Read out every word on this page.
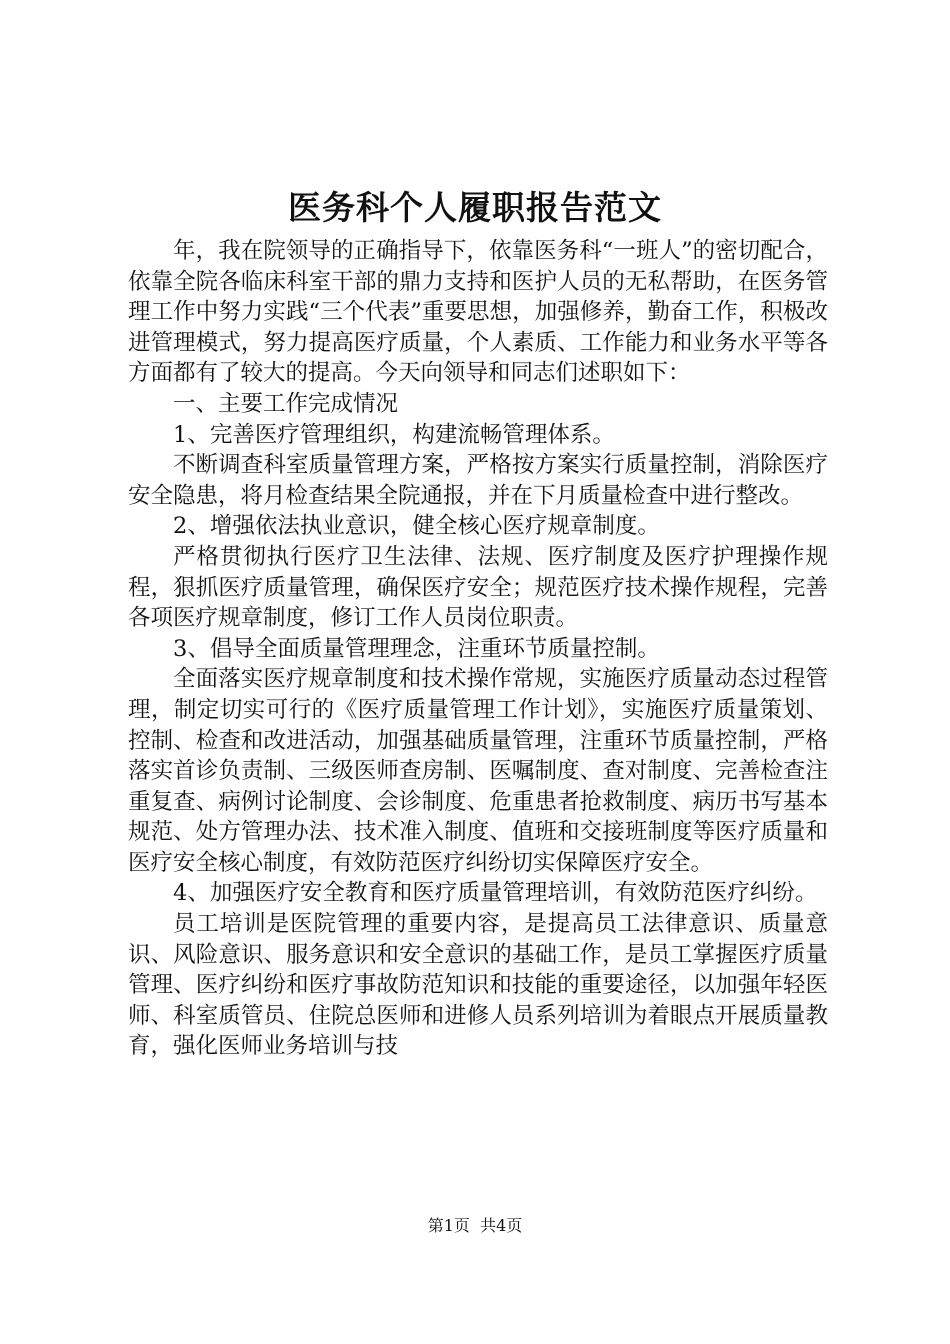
医务科个人履职报告范文

年，我在院领导的正确指导下，依靠医务科“一班人”的密切配合，依靠全院各临床科室干部的鼎力支持和医护人员的无私帮助，在医务管理工作中努力实践“三个代表”重要思想，加强修养，勤奋工作，积极改进管理模式，努力提高医疗质量，个人素质、工作能力和业务水平等各方面都有了较大的提高。今天向领导和同志们述职如下：

一、主要工作完成情况

1、完善医疗管理组织，构建流畅管理体系。

不断调查科室质量管理方案，严格按方案实行质量控制，消除医疗安全隐患，将月检查结果全院通报，并在下月质量检查中进行整改。

2、增强依法执业意识，健全核心医疗规章制度。

严格贯彻执行医疗卫生法律、法规、医疗制度及医疗护理操作规程，狠抓医疗质量管理，确保医疗安全；规范医疗技术操作规程，完善各项医疗规章制度，修订工作人员岗位职责。

3、倡导全面质量管理理念，注重环节质量控制。

全面落实医疗规章制度和技术操作常规，实施医疗质量动态过程管理，制定切实可行的《医疗质量管理工作计划》，实施医疗质量策划、控制、检查和改进活动，加强基础质量管理，注重环节质量控制，严格落实首诊负责制、三级医师查房制、医嘱制度、查对制度、完善检查注重复查、病例讨论制度、会诊制度、危重患者抢救制度、病历书写基本规范、处方管理办法、技术准入制度、值班和交接班制度等医疗质量和医疗安全核心制度，有效防范医疗纠纷切实保障医疗安全。

4、加强医疗安全教育和医疗质量管理培训，有效防范医疗纠纷。

员工培训是医院管理的重要内容，是提高员工法律意识、质量意识、风险意识、服务意识和安全意识的基础工作，是员工掌握医疗质量管理、医疗纠纷和医疗事故防范知识和技能的重要途径，以加强年轻医师、科室质管员、住院总医师和进修人员系列培训为着眼点开展质量教育，强化医师业务培训与技

第1页  共4页
